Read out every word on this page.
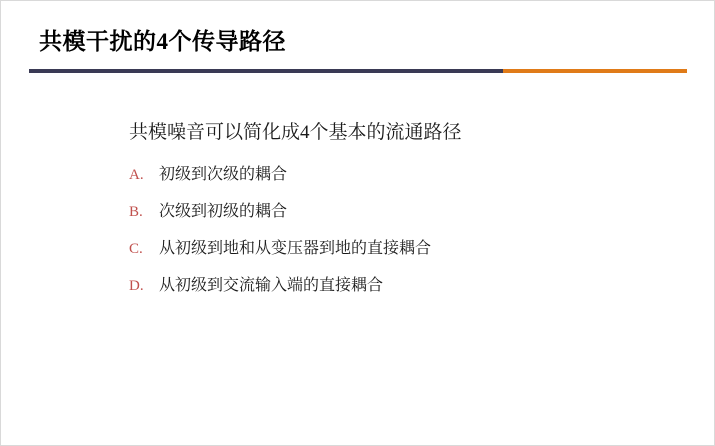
共模干扰的4个传导路径
共模噪音可以简化成4个基本的流通路径
A. 初级到次级的耦合
B.	次级到初级的耦合
C.	从初级到地和从变压器到地的直接耦合
D. 从初级到交流输入端的直接耦合
